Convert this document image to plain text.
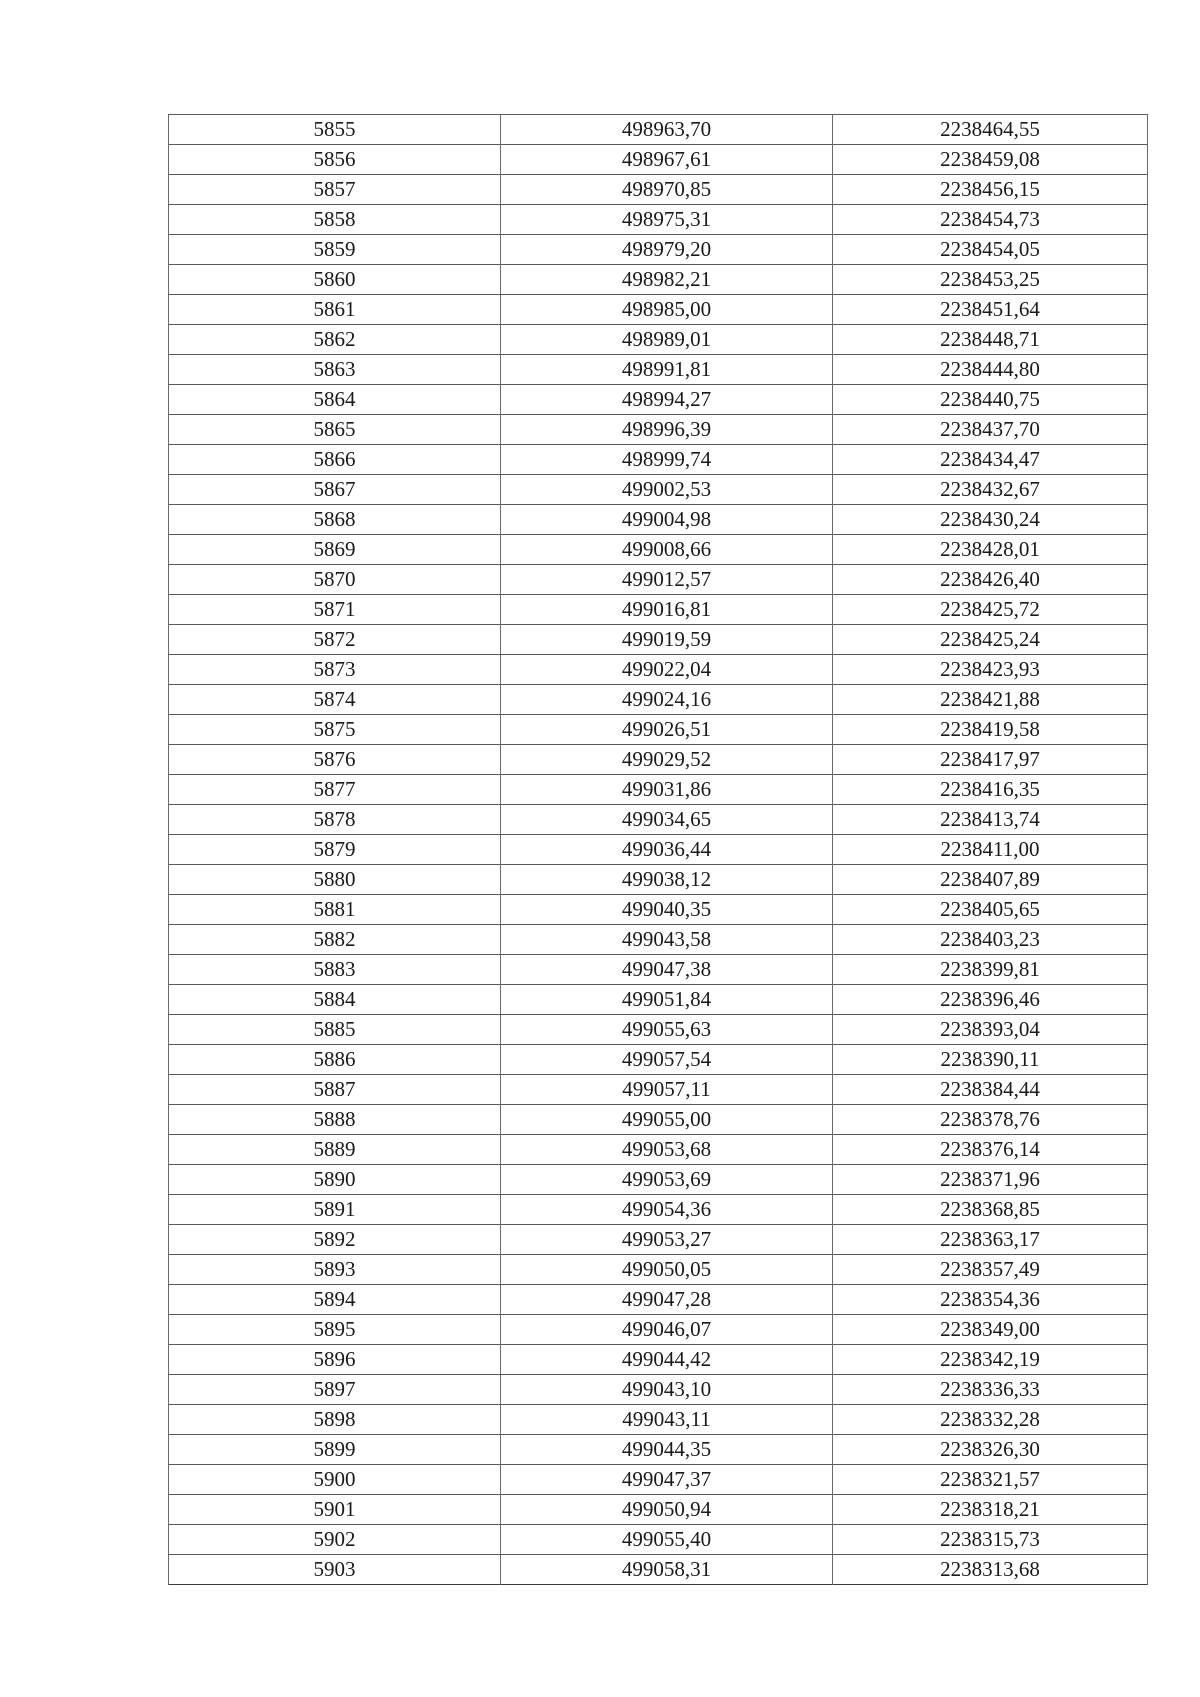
5855	498963,70	2238464,55
5856	498967,61	2238459,08
5857	498970,85	2238456,15
5858	498975,31	2238454,73
5859	498979,20	2238454,05
5860	498982,21	2238453,25
5861	498985,00	2238451,64
5862	498989,01	2238448,71
5863	498991,81	2238444,80
5864	498994,27	2238440,75
5865	498996,39	2238437,70
5866	498999,74	2238434,47
5867	499002,53	2238432,67
5868	499004,98	2238430,24
5869	499008,66	2238428,01
5870	499012,57	2238426,40
5871	499016,81	2238425,72
5872	499019,59	2238425,24
5873	499022,04	2238423,93
5874	499024,16	2238421,88
5875	499026,51	2238419,58
5876	499029,52	2238417,97
5877	499031,86	2238416,35
5878	499034,65	2238413,74
5879	499036,44	2238411,00
5880	499038,12	2238407,89
5881	499040,35	2238405,65
5882	499043,58	2238403,23
5883	499047,38	2238399,81
5884	499051,84	2238396,46
5885	499055,63	2238393,04
5886	499057,54	2238390,11
5887	499057,11	2238384,44
5888	499055,00	2238378,76
5889	499053,68	2238376,14
5890	499053,69	2238371,96
5891	499054,36	2238368,85
5892	499053,27	2238363,17
5893	499050,05	2238357,49
5894	499047,28	2238354,36
5895	499046,07	2238349,00
5896	499044,42	2238342,19
5897	499043,10	2238336,33
5898	499043,11	2238332,28
5899	499044,35	2238326,30
5900	499047,37	2238321,57
5901	499050,94	2238318,21
5902	499055,40	2238315,73
5903	499058,31	2238313,68
